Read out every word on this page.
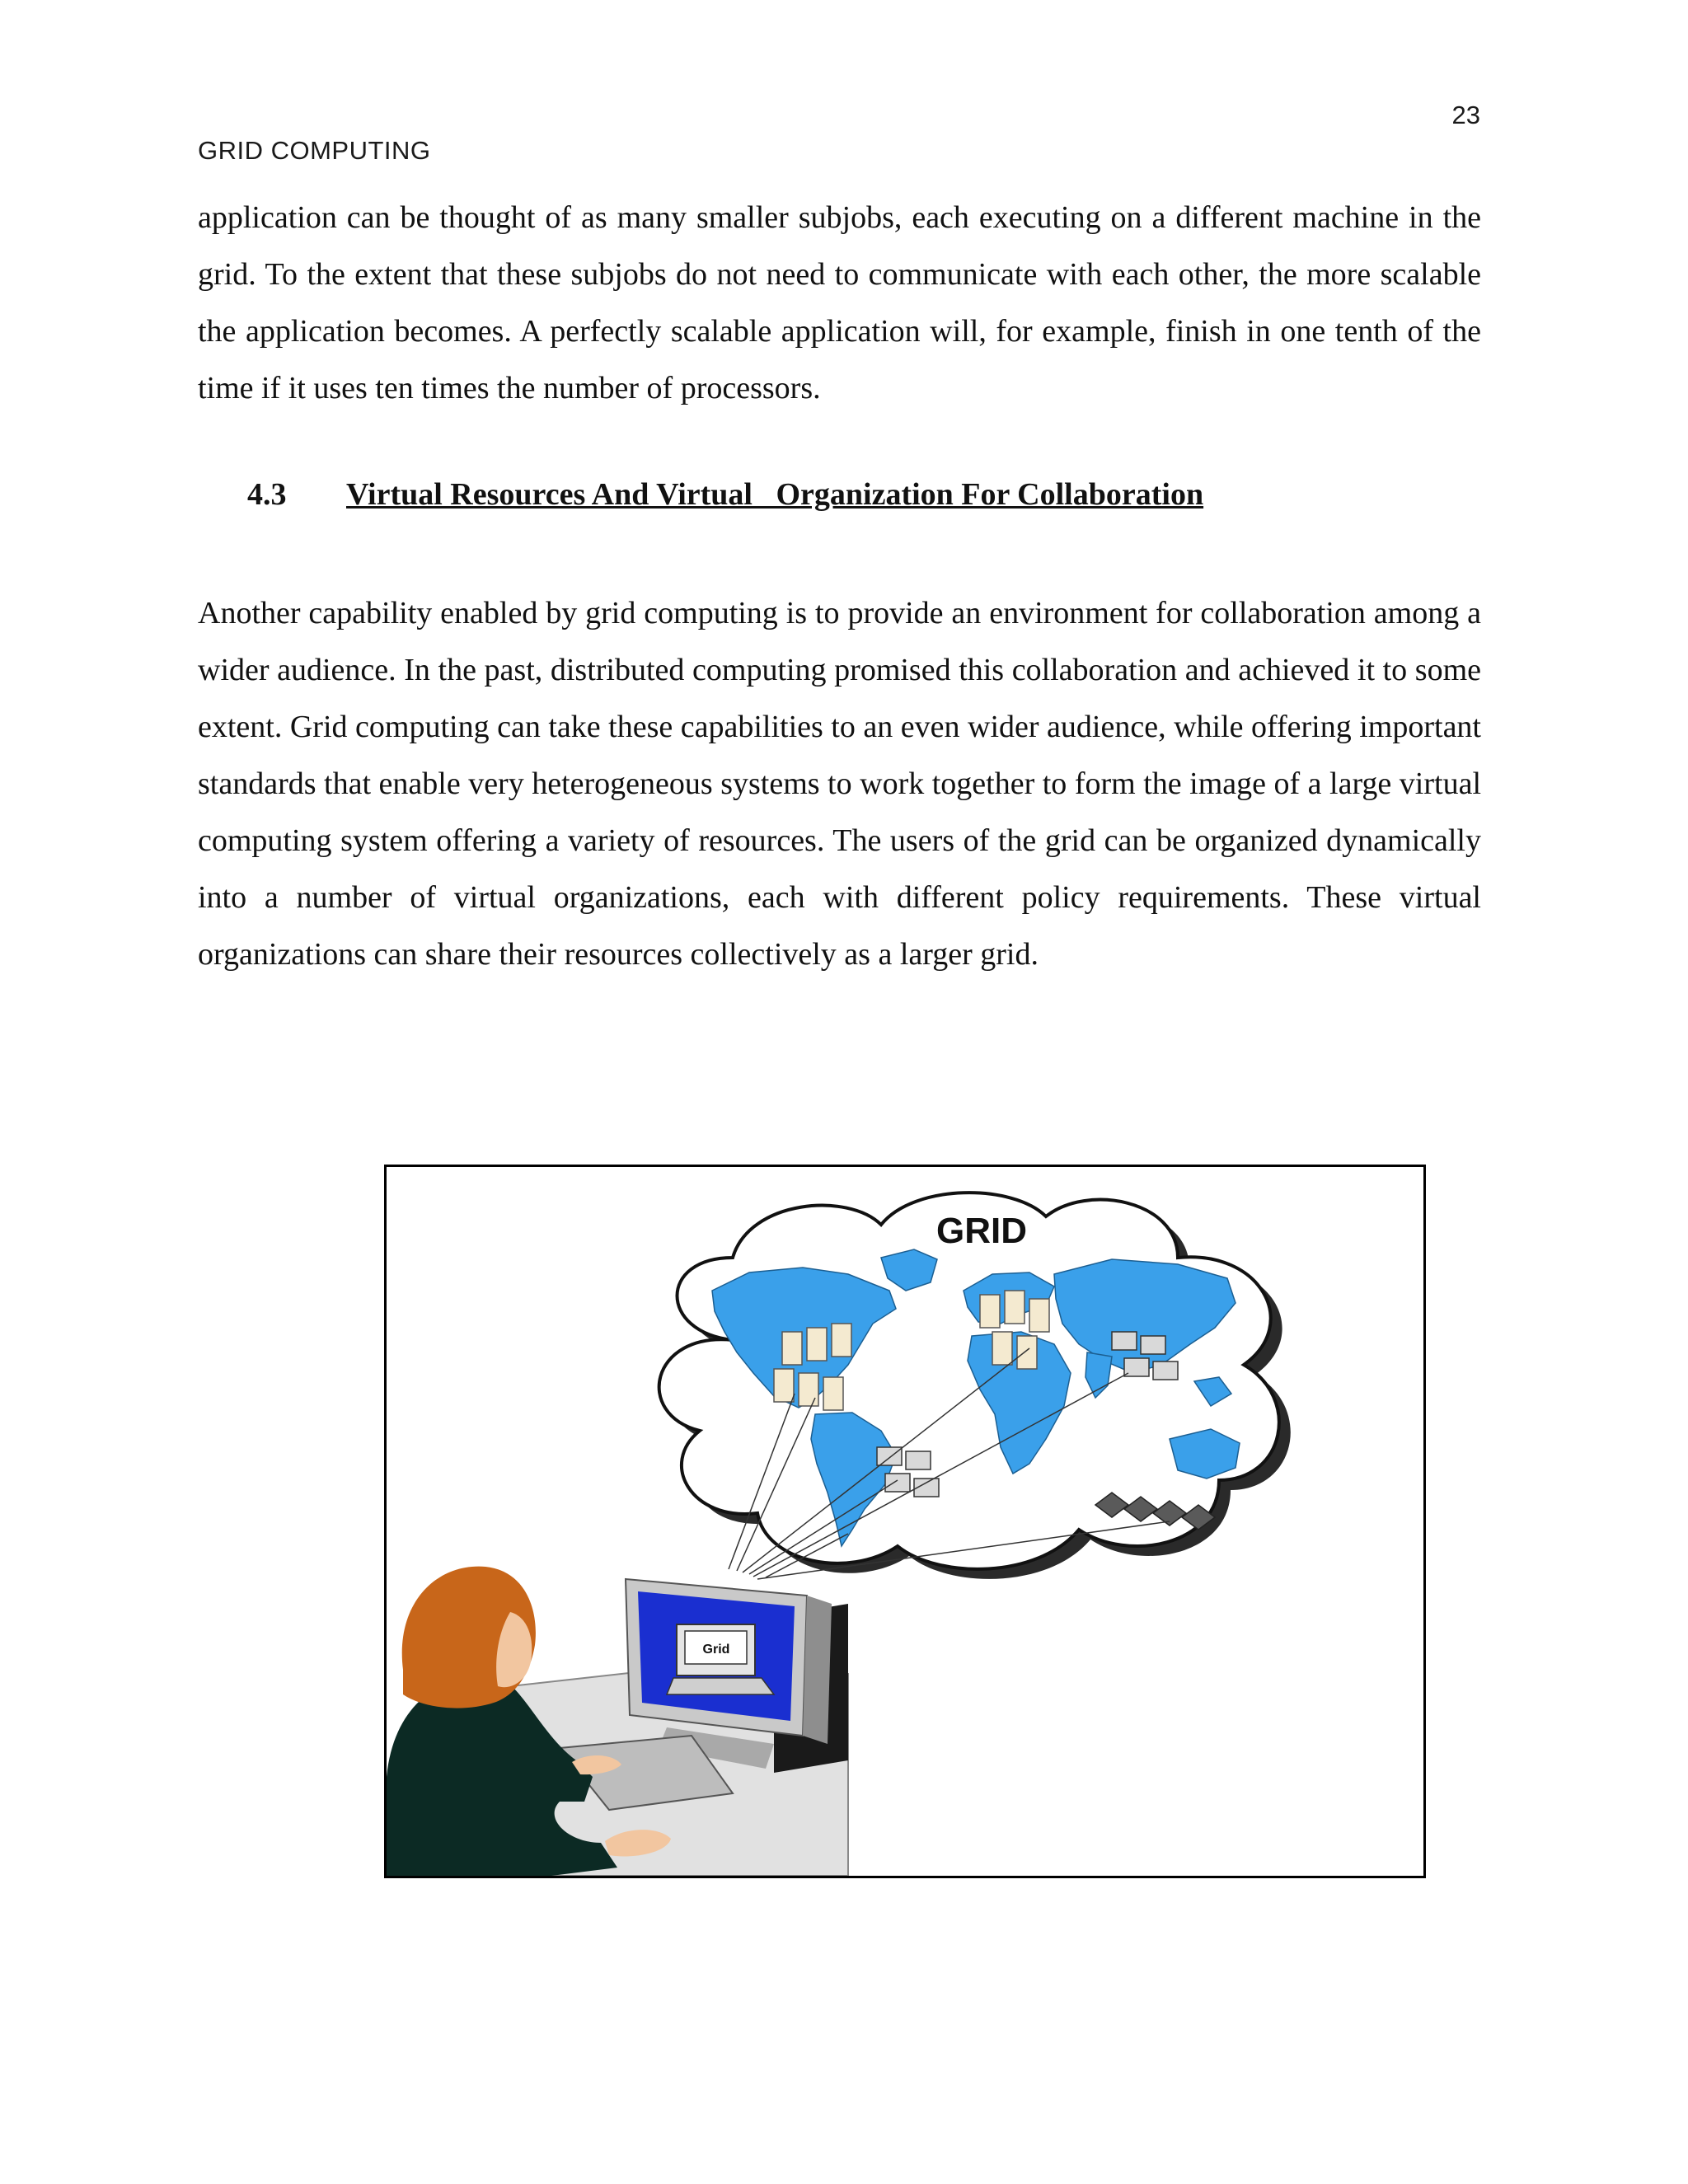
23
GRID COMPUTING

application can be thought of as many smaller subjobs, each executing on a different machine in the grid. To the extent that these subjobs do not need to communicate with each other, the more scalable the application becomes. A perfectly scalable application will, for example, finish in one tenth of the time if it uses ten times the number of processors.

4.3 Virtual Resources And Virtual   Organization For Collaboration

Another capability enabled by grid computing is to provide an environment for collaboration among a wider audience. In the past, distributed computing promised this collaboration and achieved it to some extent. Grid computing can take these capabilities to an even wider audience, while offering important standards that enable very heterogeneous systems to work together to form the image of a large virtual computing system offering a variety of resources. The users of the grid can be organized dynamically into a number of virtual organizations, each with different policy requirements. These virtual organizations can share their resources collectively as a larger grid.

GRID
Grid
